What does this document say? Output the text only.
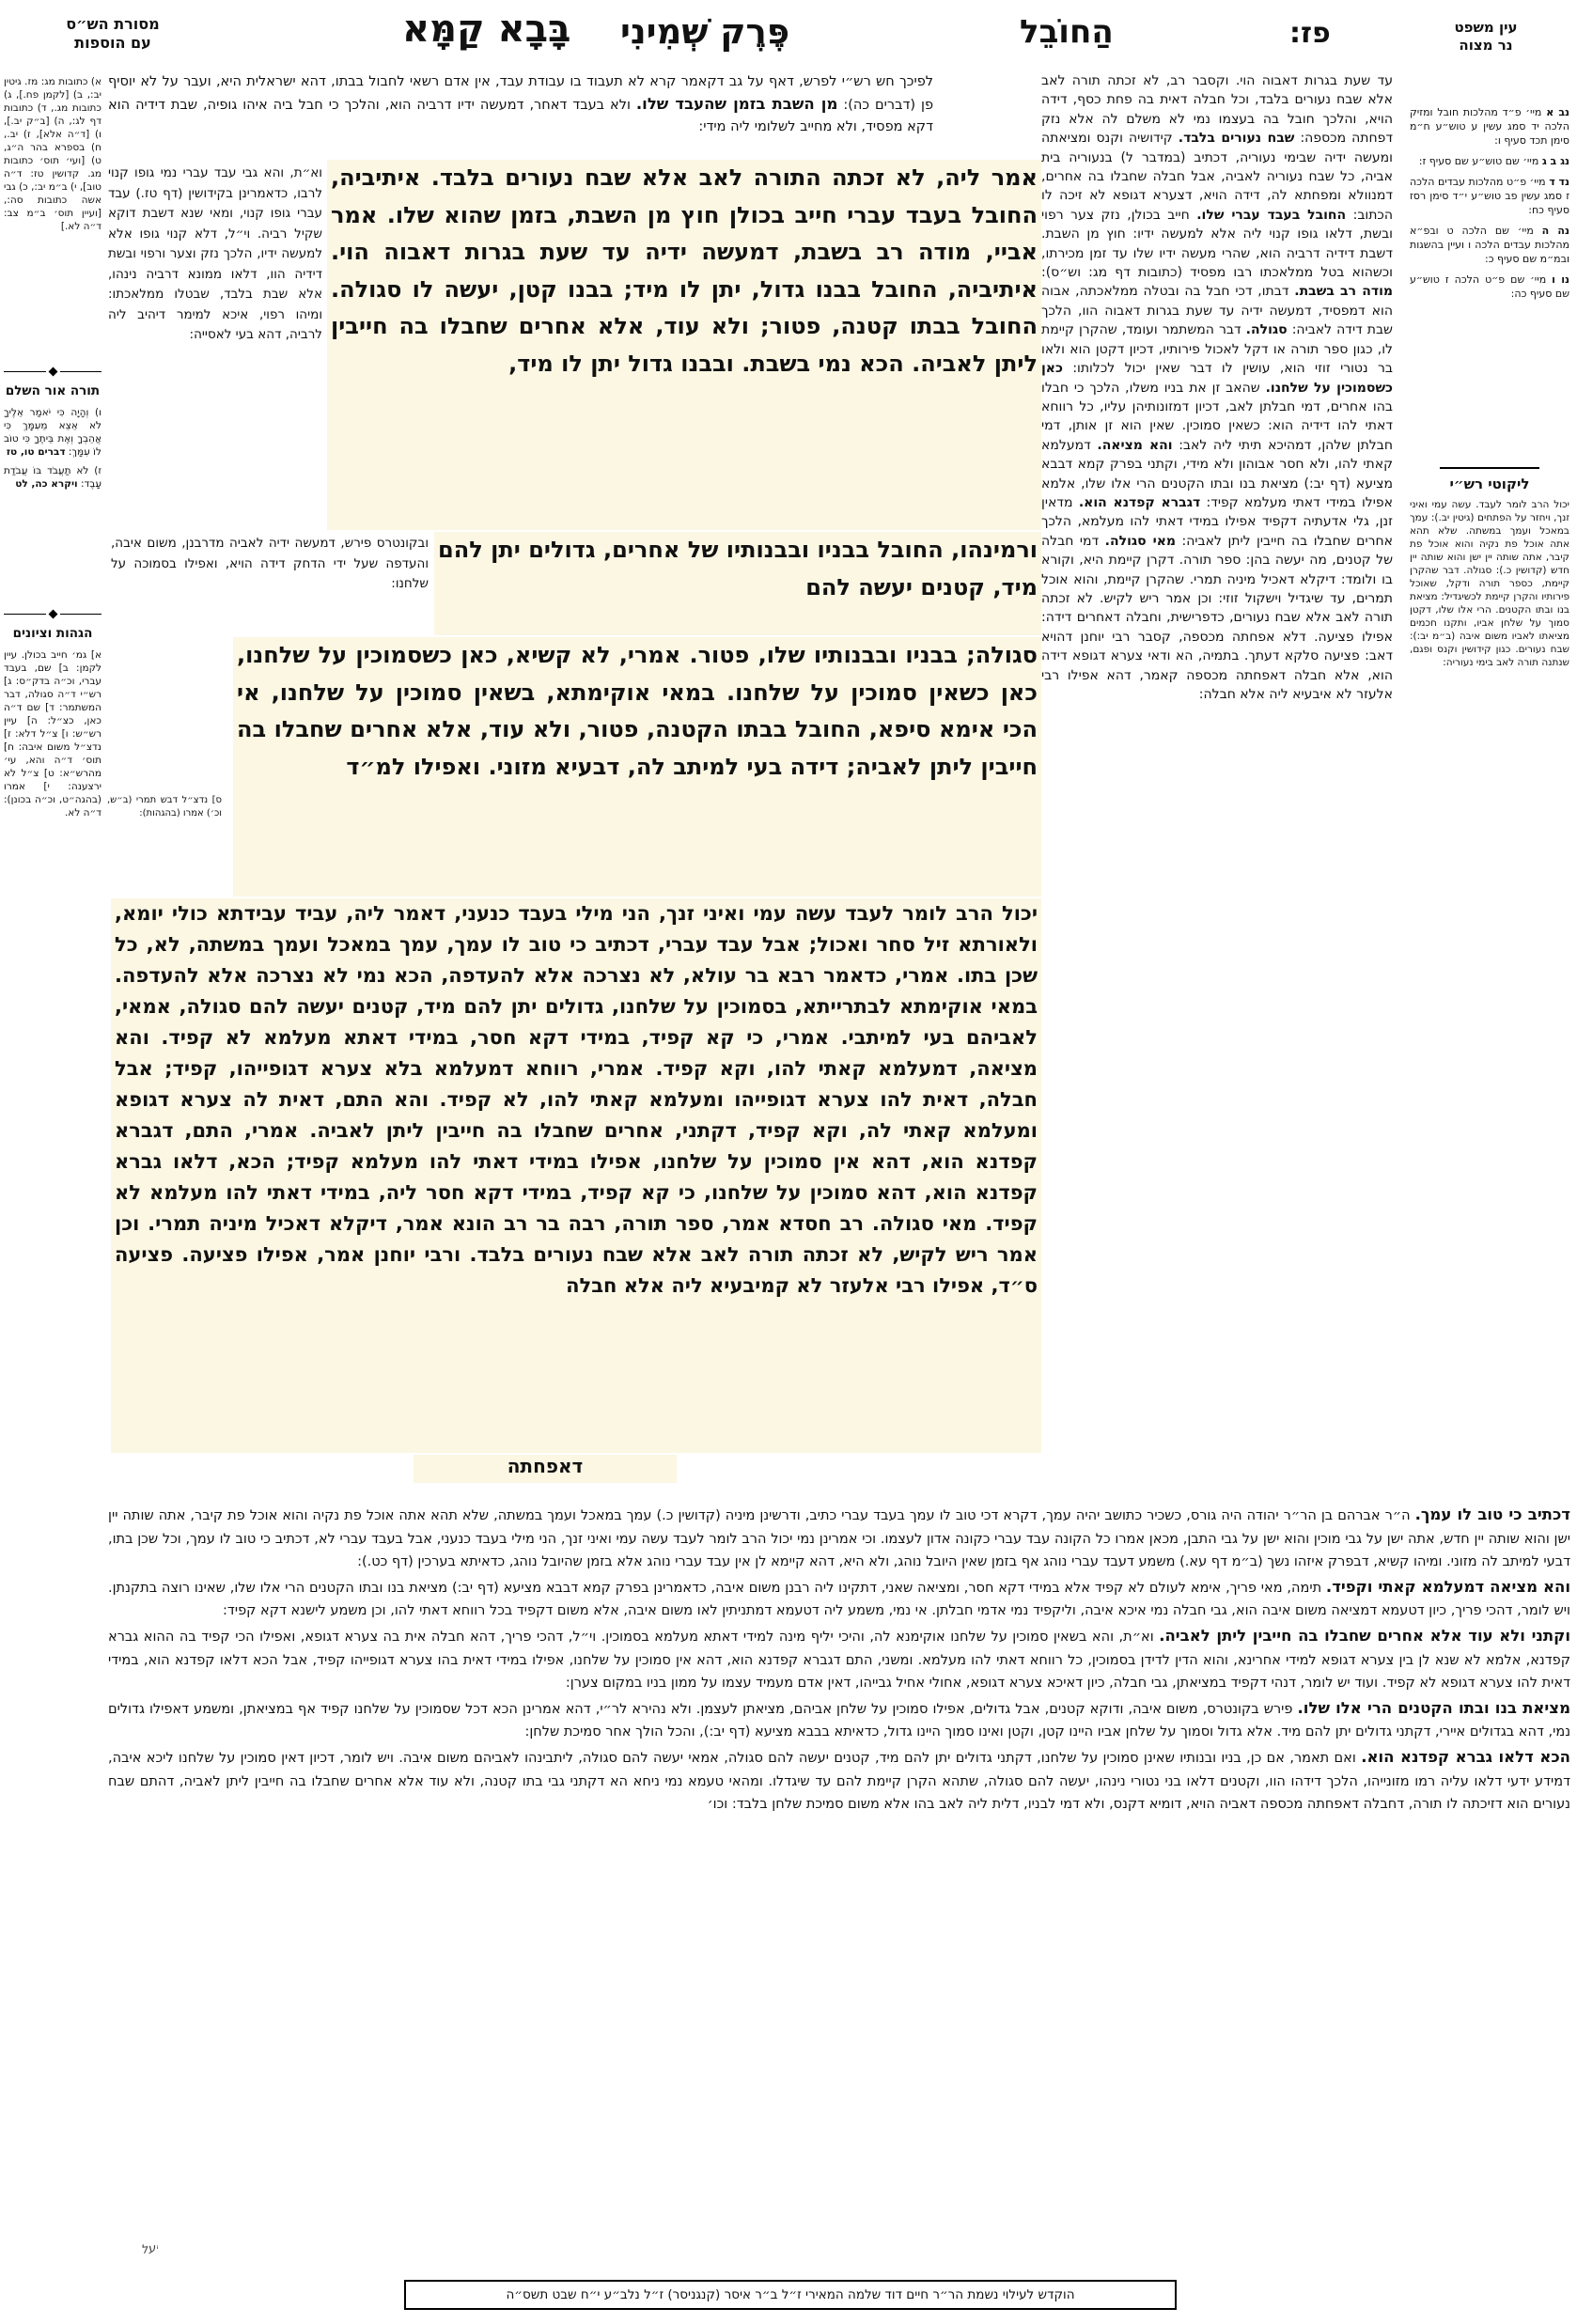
מסורת הש״ס
עם הוספות	בָּבָא קַמָּא פֶּרֶק שְׁמִינִי	הַחוֹבֵל	פז:	עין משפט
נר מצוה
א) כתובות מג: מז. גיטין יב:, ב) [לקמן פח.], ג) כתובות מג., ד) כתובות דף לג:, ה) [ב״ק יב.], ו) [ד״ה אלא], ז) יב., ח) בספרא בהר ה״ג, ט) [ועי׳ תוס׳ כתובות מג. קדושין טז: ד״ה טוב], י) ב״מ יב:, כ) גבי אשה כתובות סה:, [ועיין תוס׳ ב״מ צב: ד״ה לא.]
תורה אור השלם
ו) וְהָיָה כִּי יֹאמַר אֵלֶיךָ לֹא אֵצֵא מֵעִמָּךְ כִּי אֲהֵבְךָ וְאֶת בֵּיתֶךָ כִּי טוֹב לוֹ עִמָּךְ: דברים טו, טז
ז) לֹא תַעֲבֹד בּוֹ עֲבֹדַת עָבֶד: ויקרא כה, לט
הגהות וציונים
א] גמ׳ חייב בכולן. עיין לקמן: ב] שם, בעבד עברי, וכ״ה בדק״ס: ג] רש״י ד״ה סגולה, דבר המשתמר: ד] שם ד״ה כאן, כצ״ל: ה] עיין רש״ש: ו] צ״ל דלא: ז] נדצ״ל משום איבה: ח] תוס׳ ד״ה והא, עי׳ מהרש״א: ט] צ״ל לא ירצענה: י] אמרו (בהגה״ט, וכ״ה בכונן): ד״ה לא.
ס] נדצ״ל דבש תמרי (ב״ש, וכ׳) אמרו (בהגהות):
נב א מיי׳ פ״ד מהלכות חובל ומזיק הלכה יד סמג עשין ע טוש״ע ח״מ סימן תכד סעיף ו:
נג ב ג מיי׳ שם טוש״ע שם סעיף ז:
נד ד מיי׳ פ״ט מהלכות עבדים הלכה ז סמג עשין פב טוש״ע י״ד סימן רסז סעיף כח:
נה ה מיי׳ שם הלכה ט ובפ״א מהלכות עבדים הלכה ו ועיין בהשגות ובמ״מ שם סעיף כ:
נו ו מיי׳ שם פ״ט הלכה ז טוש״ע שם סעיף כה:
ליקוטי רש״י
יכול הרב לומר לעבד. עשה עמי ואיני זנך, ויחזר על הפתחים (גיטין יב.): עמך במאכל ועמך במשתה. שלא תהא אתה אוכל פת נקיה והוא אוכל פת קיבר, אתה שותה יין ישן והוא שותה יין חדש (קדושין כ.): סגולה. דבר שהקרן קיימת, כספר תורה ודקל, שאוכל פירותיו והקרן קיימת לכשיגדיל: מציאת בנו ובתו הקטנים. הרי אלו שלו, דקטן סמוך על שלחן אביו, ותקנו חכמים מציאתו לאביו משום איבה (ב״מ יב:): שבח נעורים. כגון קידושין וקנס ופגם, שנתנה תורה לאב בימי נעוריה:
לפיכך חש רש״י לפרש, דאף על גב דקאמר קרא לא תעבוד בו עבודת עבד, אין אדם רשאי לחבול בבתו, דהא ישראלית היא, ועבר על לא יוסיף פן (דברים כה): מן השבת בזמן שהעבד שלו. ולא בעבד דאחר, דמעשה ידיו דרביה הוא, והלכך כי חבל ביה איהו גופיה, שבת דידיה הוא דקא מפסיד, ולא מחייב לשלומי ליה מידי:
וא״ת, והא גבי עבד עברי נמי גופו קנוי לרבו, כדאמרינן בקידושין (דף טז.) עבד עברי גופו קנוי, ומאי שנא דשבת דוקא שקיל רביה. וי״ל, דלא קנוי גופו אלא למעשה ידיו, הלכך נזק וצער ורפוי ובשת דידיה הוו, דלאו ממונא דרביה נינהו, אלא שבת בלבד, שבטלו ממלאכתו: ומיהו רפוי, איכא למימר דיהיב ליה לרביה, דהא בעי לאסייה:
ובקונטרס פירש, דמעשה ידיה לאביה מדרבנן, משום איבה, והעדפה שעל ידי הדחק דידה הויא, ואפילו בסמוכה על שלחנו:
עד שעת בגרות דאבוה הוי. וקסבר רב, לא זכתה תורה לאב אלא שבח נעורים בלבד, וכל חבלה דאית בה פחת כסף, דידה הויא, והלכך חובל בה בעצמו נמי לא משלם לה אלא נזק דפחתה מכספה: שבח נעורים בלבד. קידושיה וקנס ומציאתה ומעשה ידיה שבימי נעוריה, דכתיב (במדבר ל) בנעוריה בית אביה, כל שבח נעוריה לאביה, אבל חבלה שחבלו בה אחרים, דמנוולא ומפחתא לה, דידה הויא, דצערא דגופא לא זיכה לו הכתוב: החובל בעבד עברי שלו. חייב בכולן, נזק צער רפוי ובשת, דלאו גופו קנוי ליה אלא למעשה ידיו: חוץ מן השבת. דשבת דידיה דרביה הוא, שהרי מעשה ידיו שלו עד זמן מכירתו, וכשהוא בטל ממלאכתו רבו מפסיד (כתובות דף מג: וש״ס): מודה רב בשבת. דבתו, דכי חבל בה ובטלה ממלאכתה, אבוה הוא דמפסיד, דמעשה ידיה עד שעת בגרות דאבוה הוו, הלכך שבת דידה לאביה: סגולה. דבר המשתמר ועומד, שהקרן קיימת לו, כגון ספר תורה או דקל לאכול פירותיו, דכיון דקטן הוא ולאו בר נטורי זוזי הוא, עושין לו דבר שאין יכול לכלותו: כאן כשסמוכין על שלחנו. שהאב זן את בניו משלו, הלכך כי חבלו בהו אחרים, דמי חבלתן לאב, דכיון דמזונותיהן עליו, כל רווחא דאתי להו דידיה הוא: כשאין סמוכין. שאין הוא זן אותן, דמי חבלתן שלהן, דמהיכא תיתי ליה לאב: והא מציאה. דמעלמא קאתי להו, ולא חסר אבוהון ולא מידי, וקתני בפרק קמא דבבא מציעא (דף יב:) מציאת בנו ובתו הקטנים הרי אלו שלו, אלמא אפילו במידי דאתי מעלמא קפיד: דגברא קפדנא הוא. מדאין זנן, גלי אדעתיה דקפיד אפילו במידי דאתי להו מעלמא, הלכך אחרים שחבלו בה חייבין ליתן לאביה: מאי סגולה. דמי חבלה של קטנים, מה יעשה בהן: ספר תורה. דקרן קיימת היא, וקורא בו ולומד: דיקלא דאכיל מיניה תמרי. שהקרן קיימת, והוא אוכל תמרים, עד שיגדיל וישקול זוזי: וכן אמר ריש לקיש. לא זכתה תורה לאב אלא שבח נעורים, כדפרישית, וחבלה דאחרים דידה: אפילו פציעה. דלא אפחתה מכספה, קסבר רבי יוחנן דהויא דאב: פציעה סלקא דעתך. בתמיה, הא ודאי צערא דגופא דידה הוא, אלא חבלה דאפחתה מכספה קאמר, דהא אפילו רבי אלעזר לא איבעיא ליה אלא חבלה:
אמר ליה, לא זכתה התורה לאב אלא שבח נעורים בלבד. איתיביה, החובל בעבד עברי חייב בכולן חוץ מן השבת, בזמן שהוא שלו. אמר אביי, מודה רב בשבת, דמעשה ידיה עד שעת בגרות דאבוה הוי. איתיביה, החובל בבנו גדול, יתן לו מיד; בבנו קטן, יעשה לו סגולה. החובל בבתו קטנה, פטור; ולא עוד, אלא אחרים שחבלו בה חייבין ליתן לאביה. הכא נמי בשבת. ובבנו גדול יתן לו מיד,
ורמינהו, החובל בבניו ובבנותיו של אחרים, גדולים יתן להם מיד, קטנים יעשה להם
סגולה; בבניו ובבנותיו שלו, פטור. אמרי, לא קשיא, כאן כשסמוכין על שלחנו, כאן כשאין סמוכין על שלחנו. במאי אוקימתא, בשאין סמוכין על שלחנו, אי הכי אימא סיפא, החובל בבתו הקטנה, פטור, ולא עוד, אלא אחרים שחבלו בה חייבין ליתן לאביה; דידה בעי למיתב לה, דבעיא מזוני. ואפילו למ״ד
יכול הרב לומר לעבד עשה עמי ואיני זנך, הני מילי בעבד כנעני, דאמר ליה, עביד עבידתא כולי יומא, ולאורתא זיל סחר ואכול; אבל עבד עברי, דכתיב כי טוב לו עמך, עמך במאכל ועמך במשתה, לא, כל שכן בתו. אמרי, כדאמר רבא בר עולא, לא נצרכה אלא להעדפה, הכא נמי לא נצרכה אלא להעדפה. במאי אוקימתא לבתרייתא, בסמוכין על שלחנו, גדולים יתן להם מיד, קטנים יעשה להם סגולה, אמאי, לאביהם בעי למיתבי. אמרי, כי קא קפיד, במידי דקא חסר, במידי דאתא מעלמא לא קפיד. והא מציאה, דמעלמא קאתי להו, וקא קפיד. אמרי, רווחא דמעלמא בלא צערא דגופייהו, קפיד; אבל חבלה, דאית להו צערא דגופייהו ומעלמא קאתי להו, לא קפיד. והא התם, דאית לה צערא דגופא ומעלמא קאתי לה, וקא קפיד, דקתני, אחרים שחבלו בה חייבין ליתן לאביה. אמרי, התם, דגברא קפדנא הוא, דהא אין סמוכין על שלחנו, אפילו במידי דאתי להו מעלמא קפיד; הכא, דלאו גברא קפדנא הוא, דהא סמוכין על שלחנו, כי קא קפיד, במידי דקא חסר ליה, במידי דאתי להו מעלמא לא קפיד. מאי סגולה. רב חסדא אמר, ספר תורה, רבה בר רב הונא אמר, דיקלא דאכיל מיניה תמרי. וכן אמר ריש לקיש, לא זכתה תורה לאב אלא שבח נעורים בלבד. ורבי יוחנן אמר, אפילו פציעה. פציעה ס״ד, אפילו רבי אלעזר לא קמיבעיא ליה אלא חבלה
דאפחתה
דכתיב כי טוב לו עמך. ה״ר אברהם בן הר״ר יהודה היה גורס, כשכיר כתושב יהיה עמך, דקרא דכי טוב לו עמך בעבד עברי כתיב, ודרשינן מיניה (קדושין כ.) עמך במאכל ועמך במשתה, שלא תהא אתה אוכל פת נקיה והוא אוכל פת קיבר, אתה שותה יין ישן והוא שותה יין חדש, אתה ישן על גבי מוכין והוא ישן על גבי התבן, מכאן אמרו כל הקונה עבד עברי כקונה אדון לעצמו. וכי אמרינן נמי יכול הרב לומר לעבד עשה עמי ואיני זנך, הני מילי בעבד כנעני, אבל בעבד עברי לא, דכתיב כי טוב לו עמך, וכל שכן בתו, דבעי למיתב לה מזוני. ומיהו קשיא, דבפרק איזהו נשך (ב״מ דף עא.) משמע דעבד עברי נוהג אף בזמן שאין היובל נוהג, ולא היא, דהא קיימא לן אין עבד עברי נוהג אלא בזמן שהיובל נוהג, כדאיתא בערכין (דף כט.):
והא מציאה דמעלמא קאתי וקפיד. תימה, מאי פריך, אימא לעולם לא קפיד אלא במידי דקא חסר, ומציאה שאני, דתקינו ליה רבנן משום איבה, כדאמרינן בפרק קמא דבבא מציעא (דף יב:) מציאת בנו ובתו הקטנים הרי אלו שלו, שאינו רוצה בתקנתן. ויש לומר, דהכי פריך, כיון דטעמא דמציאה משום איבה הוא, גבי חבלה נמי איכא איבה, וליקפיד נמי אדמי חבלתן. אי נמי, משמע ליה דטעמא דמתניתין לאו משום איבה, אלא משום דקפיד בכל רווחא דאתי להו, וכן משמע לישנא דקא קפיד:
וקתני ולא עוד אלא אחרים שחבלו בה חייבין ליתן לאביה. וא״ת, והא בשאין סמוכין על שלחנו אוקימנא לה, והיכי יליף מינה למידי דאתא מעלמא בסמוכין. וי״ל, דהכי פריך, דהא חבלה אית בה צערא דגופא, ואפילו הכי קפיד בה ההוא גברא קפדנא, אלמא לא שנא לן בין צערא דגופא למידי אחרינא, והוא הדין לדידן בסמוכין, כל רווחא דאתי להו מעלמא. ומשני, התם דגברא קפדנא הוא, דהא אין סמוכין על שלחנו, אפילו במידי דאית בהו צערא דגופייהו קפיד, אבל הכא דלאו קפדנא הוא, במידי דאית להו צערא דגופא לא קפיד. ועוד יש לומר, דנהי דקפיד במציאתן, גבי חבלה, כיון דאיכא צערא דגופא, אחולי אחיל גבייהו, דאין אדם מעמיד עצמו על ממון בניו במקום צערן:
מציאת בנו ובתו הקטנים הרי אלו שלו. פירש בקונטרס, משום איבה, ודוקא קטנים, אבל גדולים, אפילו סמוכין על שלחן אביהם, מציאתן לעצמן. ולא נהירא לר״י, דהא אמרינן הכא דכל שסמוכין על שלחנו קפיד אף במציאתן, ומשמע דאפילו גדולים נמי, דהא בגדולים איירי, דקתני גדולים יתן להם מיד. אלא גדול וסמוך על שלחן אביו היינו קטן, וקטן ואינו סמוך היינו גדול, כדאיתא בבבא מציעא (דף יב:), והכל הולך אחר סמיכת שלחן:
הכא דלאו גברא קפדנא הוא. ואם תאמר, אם כן, בניו ובנותיו שאינן סמוכין על שלחנו, דקתני גדולים יתן להם מיד, קטנים יעשה להם סגולה, אמאי יעשה להם סגולה, ליתבינהו לאביהם משום איבה. ויש לומר, דכיון דאין סמוכין על שלחנו ליכא איבה, דמידע ידעי דלאו עליה רמו מזונייהו, הלכך דידהו הוו, וקטנים דלאו בני נטורי נינהו, יעשה להם סגולה, שתהא הקרן קיימת להם עד שיגדלו. ומהאי טעמא נמי ניחא הא דקתני גבי בתו קטנה, ולא עוד אלא אחרים שחבלו בה חייבין ליתן לאביה, דהתם שבח נעורים הוא דזיכתה לו תורה, דחבלה דאפחתה מכספה דאביה הויא, דומיא דקנס, ולא דמי לבניו, דלית ליה לאב בהו אלא משום סמיכת שלחן בלבד: וכו׳
יעל
הוקדש לעילוי נשמת הר״ר חיים דוד שלמה המאירי ז״ל ב״ר איסר (קנגניסר) ז״ל נלב״ע י״ח שבט תשס״ה
